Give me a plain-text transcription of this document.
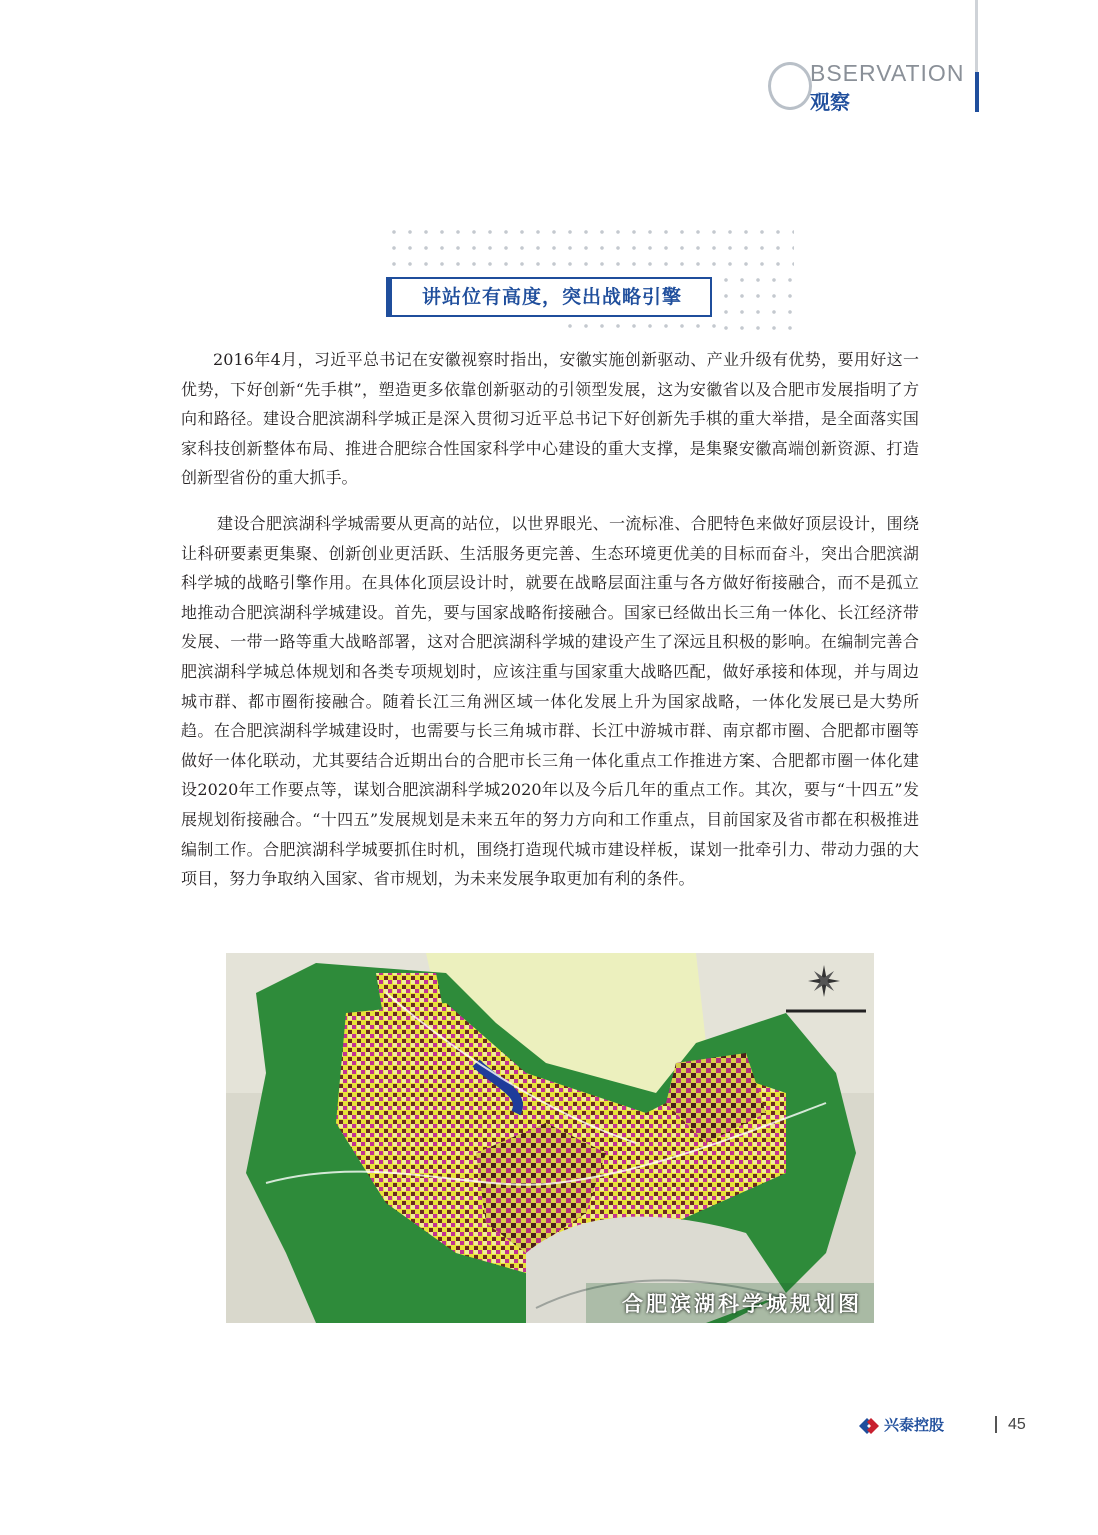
BSERVATION
观察
讲站位有高度，突出战略引擎

2016年4月，习近平总书记在安徽视察时指出，安徽实施创新驱动、产业升级有优势，要用好这一优势，下好创新“先手棋”，塑造更多依靠创新驱动的引领型发展，这为安徽省以及合肥市发展指明了方向和路径。建设合肥滨湖科学城正是深入贯彻习近平总书记下好创新先手棋的重大举措，是全面落实国家科技创新整体布局、推进合肥综合性国家科学中心建设的重大支撑，是集聚安徽高端创新资源、打造创新型省份的重大抓手。

建设合肥滨湖科学城需要从更高的站位，以世界眼光、一流标准、合肥特色来做好顶层设计，围绕让科研要素更集聚、创新创业更活跃、生活服务更完善、生态环境更优美的目标而奋斗，突出合肥滨湖科学城的战略引擎作用。在具体化顶层设计时，就要在战略层面注重与各方做好衔接融合，而不是孤立地推动合肥滨湖科学城建设。首先，要与国家战略衔接融合。国家已经做出长三角一体化、长江经济带发展、一带一路等重大战略部署，这对合肥滨湖科学城的建设产生了深远且积极的影响。在编制完善合肥滨湖科学城总体规划和各类专项规划时，应该注重与国家重大战略匹配，做好承接和体现，并与周边城市群、都市圈衔接融合。随着长江三角洲区域一体化发展上升为国家战略，一体化发展已是大势所趋。在合肥滨湖科学城建设时，也需要与长三角城市群、长江中游城市群、南京都市圈、合肥都市圈等做好一体化联动，尤其要结合近期出台的合肥市长三角一体化重点工作推进方案、合肥都市圈一体化建设2020年工作要点等，谋划合肥滨湖科学城2020年以及今后几年的重点工作。其次，要与“十四五”发展规划衔接融合。“十四五”发展规划是未来五年的努力方向和工作重点，目前国家及省市都在积极推进编制工作。合肥滨湖科学城要抓住时机，围绕打造现代城市建设样板，谋划一批牵引力、带动力强的大项目，努力争取纳入国家、省市规划，为未来发展争取更加有利的条件。

合肥滨湖科学城规划图
兴泰控股	45
